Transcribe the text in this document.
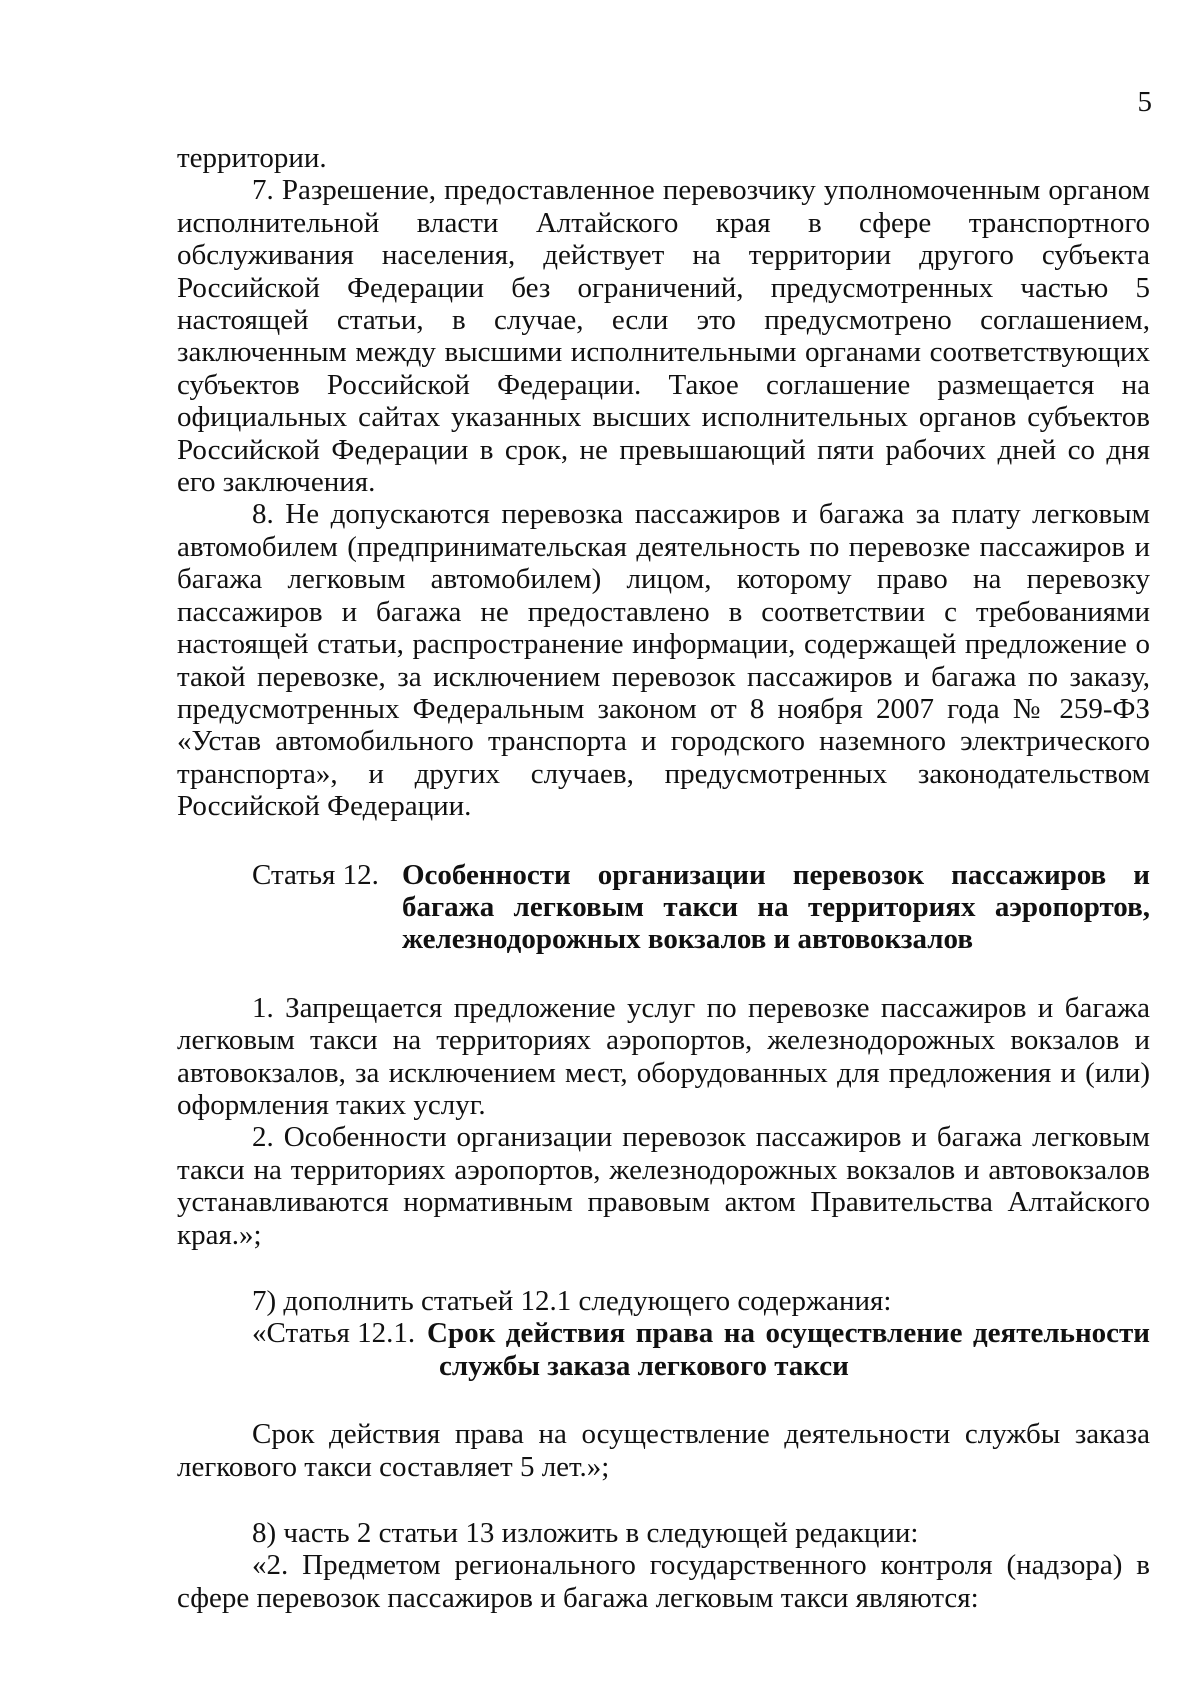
5

территории.

7. Разрешение, предоставленное перевозчику уполномоченным органом исполнительной власти Алтайского края в сфере транспортного обслуживания населения, действует на территории другого субъекта Российской Федерации без ограничений, предусмотренных частью 5 настоящей статьи, в случае, если это предусмотрено соглашением, заключенным между высшими исполнительными органами соответствующих субъектов Российской Федерации. Такое соглашение размещается на официальных сайтах указанных высших исполнительных органов субъектов Российской Федерации в срок, не превышающий пяти рабочих дней со дня его заключения.

8. Не допускаются перевозка пассажиров и багажа за плату легковым автомобилем (предпринимательская деятельность по перевозке пассажиров и багажа легковым автомобилем) лицом, которому право на перевозку пассажиров и багажа не предоставлено в соответствии с требованиями настоящей статьи, распространение информации, содержащей предложение о такой перевозке, за исключением перевозок пассажиров и багажа по заказу, предусмотренных Федеральным законом от 8 ноября 2007 года № 259-ФЗ «Устав автомобильного транспорта и городского наземного электрического транспорта», и других случаев, предусмотренных законодательством Российской Федерации.

Статья 12. Особенности организации перевозок пассажиров и багажа легковым такси на территориях аэропортов, железнодорожных вокзалов и автовокзалов

1. Запрещается предложение услуг по перевозке пассажиров и багажа легковым такси на территориях аэропортов, железнодорожных вокзалов и автовокзалов, за исключением мест, оборудованных для предложения и (или) оформления таких услуг.

2. Особенности организации перевозок пассажиров и багажа легковым такси на территориях аэропортов, железнодорожных вокзалов и автовокзалов устанавливаются нормативным правовым актом Правительства Алтайского края.»;

7) дополнить статьей 12.1 следующего содержания:

«Статья 12.1. Срок действия права на осуществление деятельности
службы заказа легкового такси

Срок действия права на осуществление деятельности службы заказа легкового такси составляет 5 лет.»;

8) часть 2 статьи 13 изложить в следующей редакции:

«2. Предметом регионального государственного контроля (надзора) в сфере перевозок пассажиров и багажа легковым такси являются:
